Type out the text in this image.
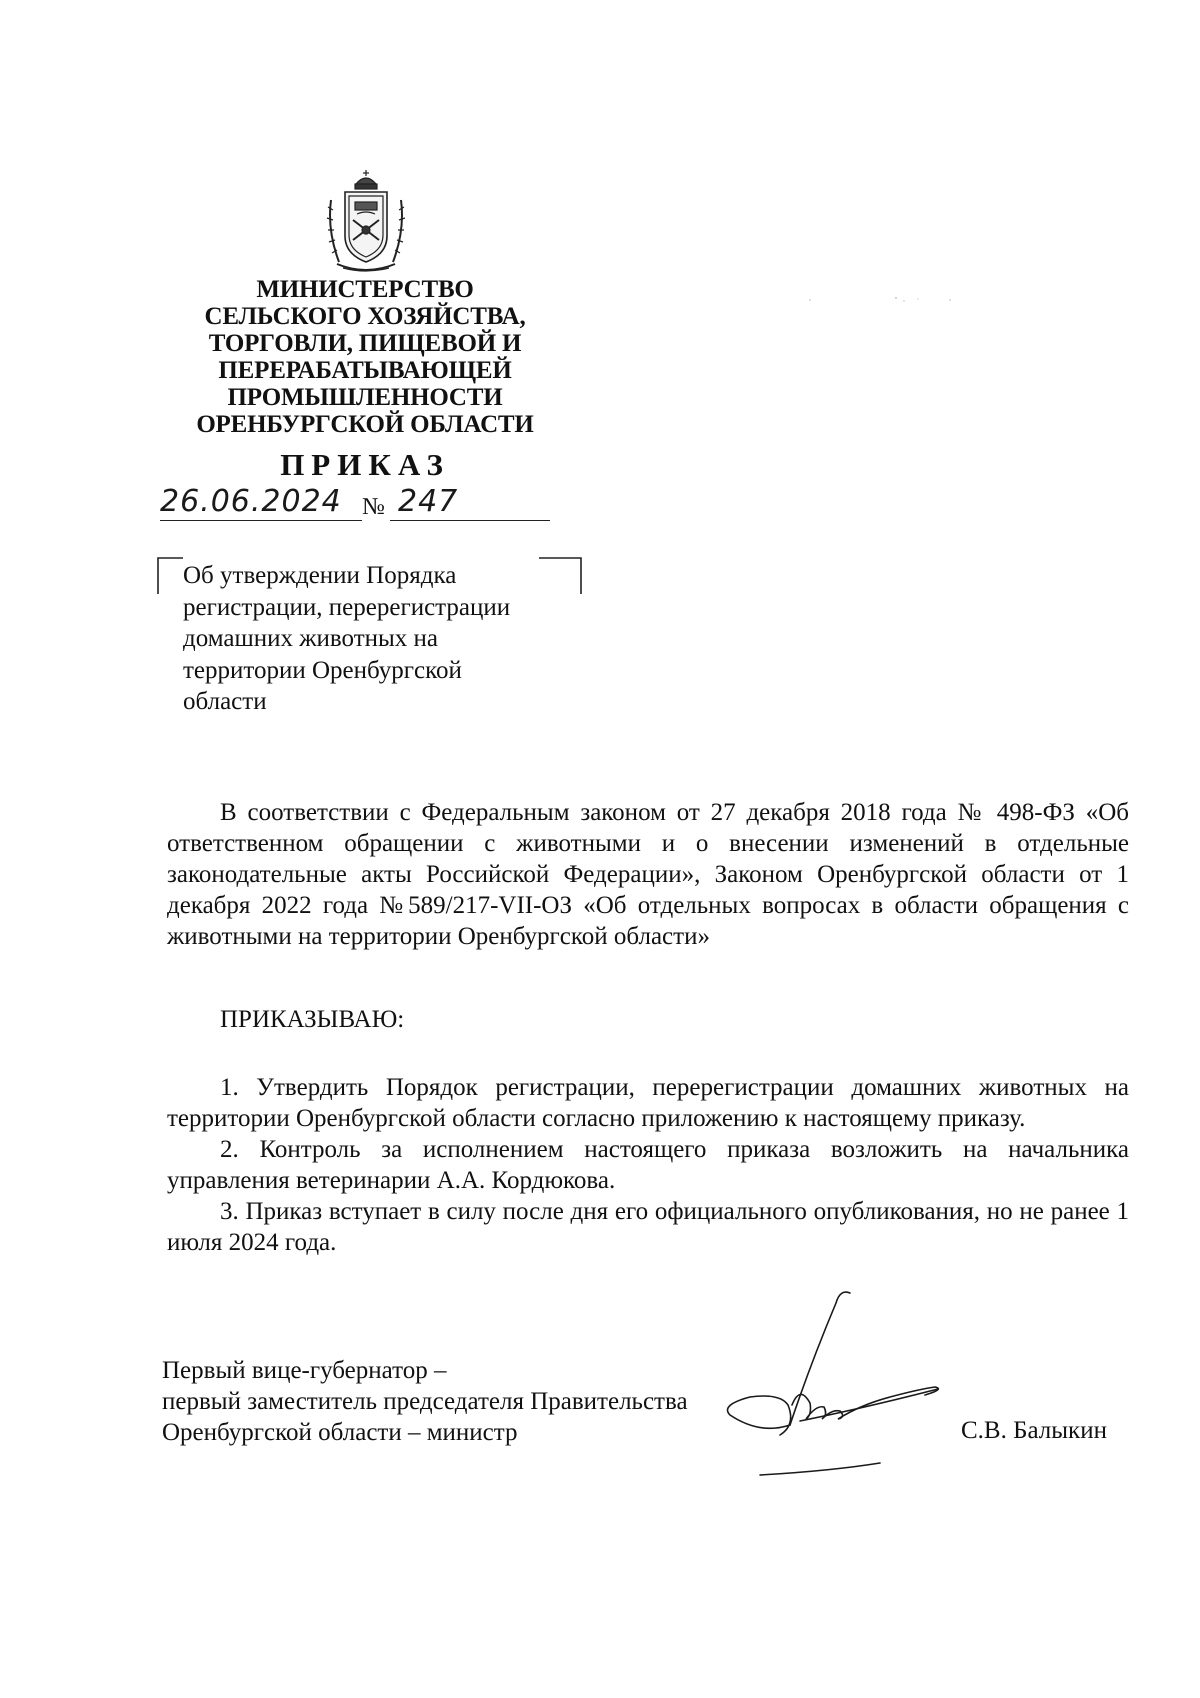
МИНИСТЕРСТВО
СЕЛЬСКОГО ХОЗЯЙСТВА,
ТОРГОВЛИ, ПИЩЕВОЙ И
ПЕРЕРАБАТЫВАЮЩЕЙ
ПРОМЫШЛЕННОСТИ
ОРЕНБУРГСКОЙ ОБЛАСТИ
ПРИКАЗ
26.06.2024 № 247
Об утверждении Порядка
регистрации, перерегистрации
домашних животных на
территории Оренбургской
области
В соответствии с Федеральным законом от 27 декабря 2018 года № 498-ФЗ «Об ответственном обращении с животными и о внесении изменений в отдельные законодательные акты Российской Федерации», Законом Оренбургской области от 1 декабря 2022 года №589/217-VII-ОЗ «Об отдельных вопросах в области обращения с животными на территории Оренбургской области»
ПРИКАЗЫВАЮ:

1. Утвердить Порядок регистрации, перерегистрации домашних животных на территории Оренбургской области согласно приложению к настоящему приказу.

2. Контроль за исполнением настоящего приказа возложить на начальника управления ветеринарии А.А. Кордюкова.

3. Приказ вступает в силу после дня его официального опубликования, но не ранее 1 июля 2024 года.

Первый вице-губернатор –
первый заместитель председателя Правительства
Оренбургской области – министр	С.В. Балыкин
